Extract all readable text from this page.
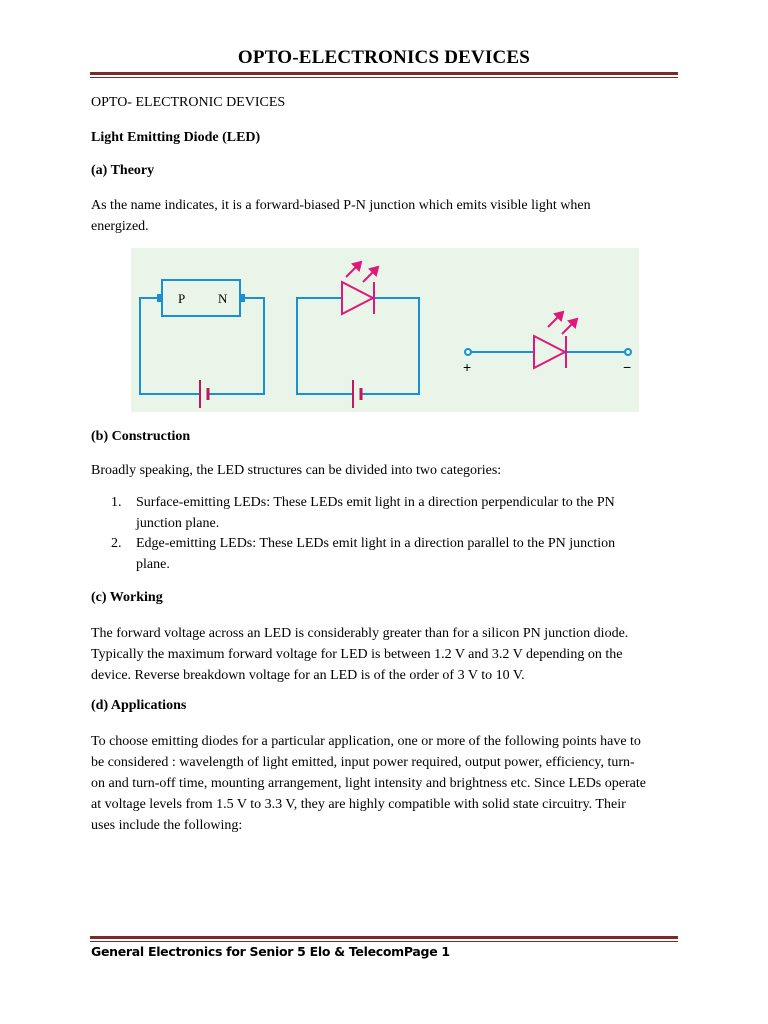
OPTO-ELECTRONICS DEVICES
OPTO- ELECTRONIC DEVICES
Light Emitting Diode (LED)
(a) Theory
As the name indicates, it is a forward-biased P-N junction which emits visible light when energized.
P	N
+	−
(b) Construction
Broadly speaking, the LED structures can be divided into two categories:
1. Surface-emitting LEDs: These LEDs emit light in a direction perpendicular to the PN junction plane.
2. Edge-emitting LEDs: These LEDs emit light in a direction parallel to the PN junction plane.
(c) Working
The forward voltage across an LED is considerably greater than for a silicon PN junction diode. Typically the maximum forward voltage for LED is between 1.2 V and 3.2 V depending on the device. Reverse breakdown voltage for an LED is of the order of 3 V to 10 V.
(d) Applications
To choose emitting diodes for a particular application, one or more of the following points have to be considered : wavelength of light emitted, input power required, output power, efficiency, turn-on and turn-off time, mounting arrangement, light intensity and brightness etc. Since LEDs operate at voltage levels from 1.5 V to 3.3 V, they are highly compatible with solid state circuitry. Their uses include the following:
General Electronics for Senior 5 Elo & TelecomPage 1
